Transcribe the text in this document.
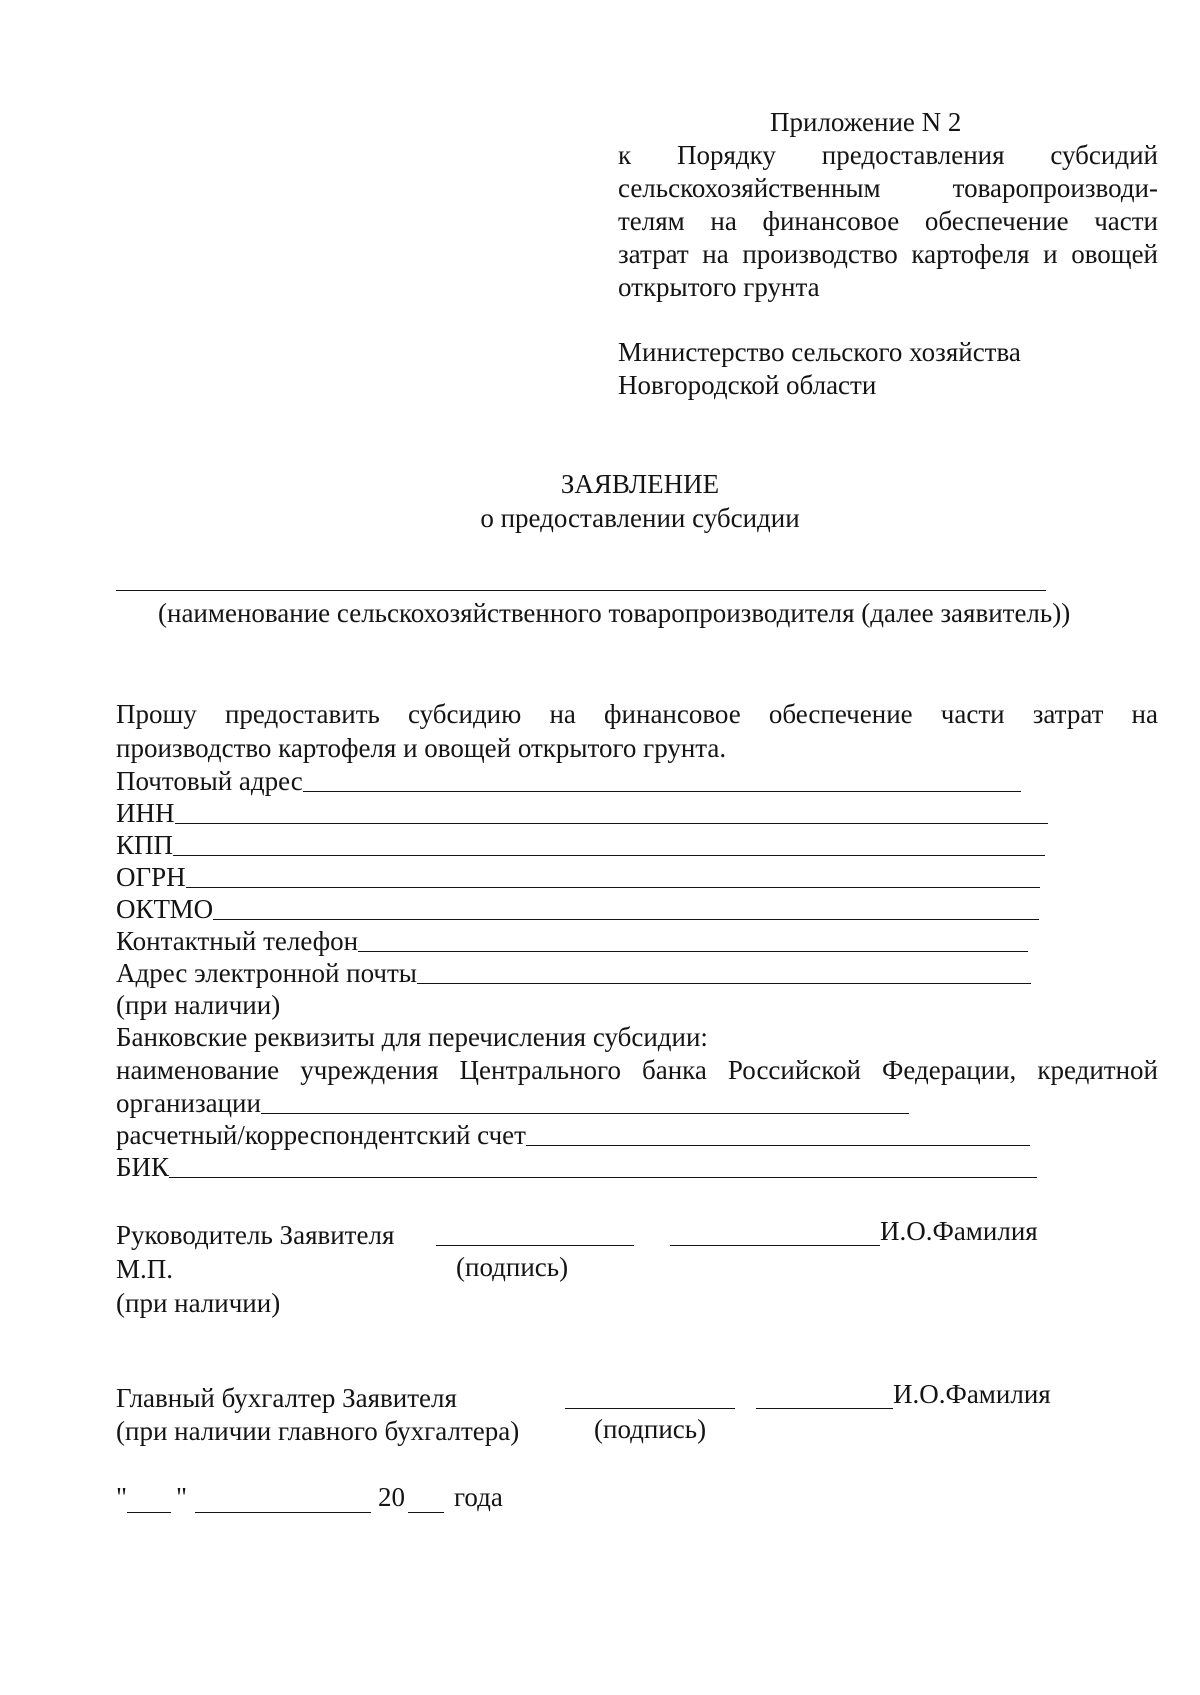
Приложение N 2
к Порядку предоставления субсидий
сельскохозяйственным товаропроизводи-
телям на финансовое обеспечение части
затрат на производство картофеля и овощей
открытого грунта
Министерство сельского хозяйства
Новгородской области
ЗАЯВЛЕНИЕ
о предоставлении субсидии
(наименование сельскохозяйственного товаропроизводителя (далее заявитель))
Прошу предоставить субсидию на финансовое обеспечение части затрат на
производство картофеля и овощей открытого грунта.
Почтовый адрес
ИНН
КПП
ОГРН
ОКТМО
Контактный телефон
Адрес электронной почты
(при наличии)
Банковские реквизиты для перечисления субсидии:
наименование учреждения Центрального банка Российской Федерации, кредитной
организации
расчетный/корреспондентский счет
БИК
Руководитель Заявителя	И.О.Фамилия
М.П.	(подпись)
(при наличии)
Главный бухгалтер Заявителя	И.О.Фамилия
(при наличии главного бухгалтера)	(подпись)
" "	20 года
